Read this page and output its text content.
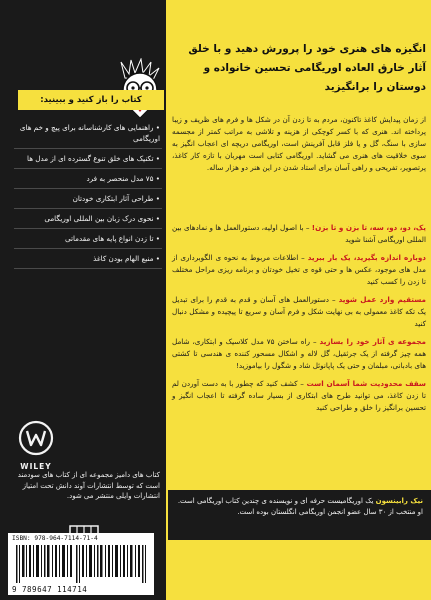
کتاب را باز کنید و ببینید:
• راهنمایی های کارشناسانه برای پیچ و خم های اوریگامی
• تکنیک های خلق تنوع گسترده ای از مدل ها
• ۷۵ مدل منحصر به فرد
• طراحی آثار ابتکاری خودتان
• نحوی درک زبان بین المللی اوریگامی
• تا زدن انواع پایه های مقدماتی
• منبع الهام بودن کاغذ
WILEY
کتاب های دامیز مجموعه ای از کتاب های سودمند است که توسط انتشارات آوند دانش تحت امتیاز انتشارات وایلی منتشر می شود.
ISBN: 978-964-7114-71-4
9 789647 114714
انگیزه های هنری خود را پرورش دهید و با خلق آثار خارق العاده اوریگامی تحسین خانواده و دوستان را برانگیزید

از زمان پیدایش کاغذ تاکنون، مردم به تا زدن آن در شکل ها و فرم های ظریف و زیبا پرداخته اند. هنری که با کسر کوچکی از هزینه و تلاشی به مراتب کمتر از مجسمه سازی با سنگ، گل و یا فلز قابل آفرینش است، اوریگامی دریچه ای اعجاب انگیز به سوی خلاقیت های هنری می گشاید. اوریگامی کتابی است مهربان با تازه کار کاغذ، پرتصویر، تفریحی و راهی آسان برای استاد شدن در این هنر دو هزار ساله.

یک، دو، دو، سه، تا بزن و تا بزن! – با اصول اولیه، دستورالعمل ها و نمادهای بین المللی اوریگامی آشنا شوید
دوباره اندازه بگیرید، یک بار ببرید – اطلاعات مربوط به نحوه ی الگوبرداری از مدل های موجود، عکس ها و حتی قوه ی تخیل خودتان و برنامه ریزی مراحل مختلف تا زدن را کسب کنید
مستقیم وارد عمل شوید – دستورالعمل های آسان و قدم به قدم را برای تبدیل یک تکه کاغذ معمولی به بی نهایت شکل و فرم آسان و سریع تا پیچیده و مشکل دنبال کنید
مجموعه ی آثار خود را بسازید – راه ساختن ۷۵ مدل کلاسیک و ابتکاری، شامل همه چیز گرفته از یک جرثقیل، گل لاله و اشکال مسحور کننده ی هندسی تا کشتی های بادبانی، مبلمان و حتی یک پاپانوئل شاد و شگول را بیاموزید!
سقف محدودیت شما آسمان است – کشف کنید که چطور با به دست آوردن لم تا زدن کاغذ، می توانید طرح های ابتکاری از بسیار ساده گرفته تا اعجاب انگیز و تحسین برانگیز را خلق و طراحی کنید
نیک رابینسون یک اوریگامیست حرفه ای و نویسنده ی چندین کتاب اوریگامی است. او منتخب از ۳۰ سال عضو انجمن اوریگامی انگلستان بوده است.
